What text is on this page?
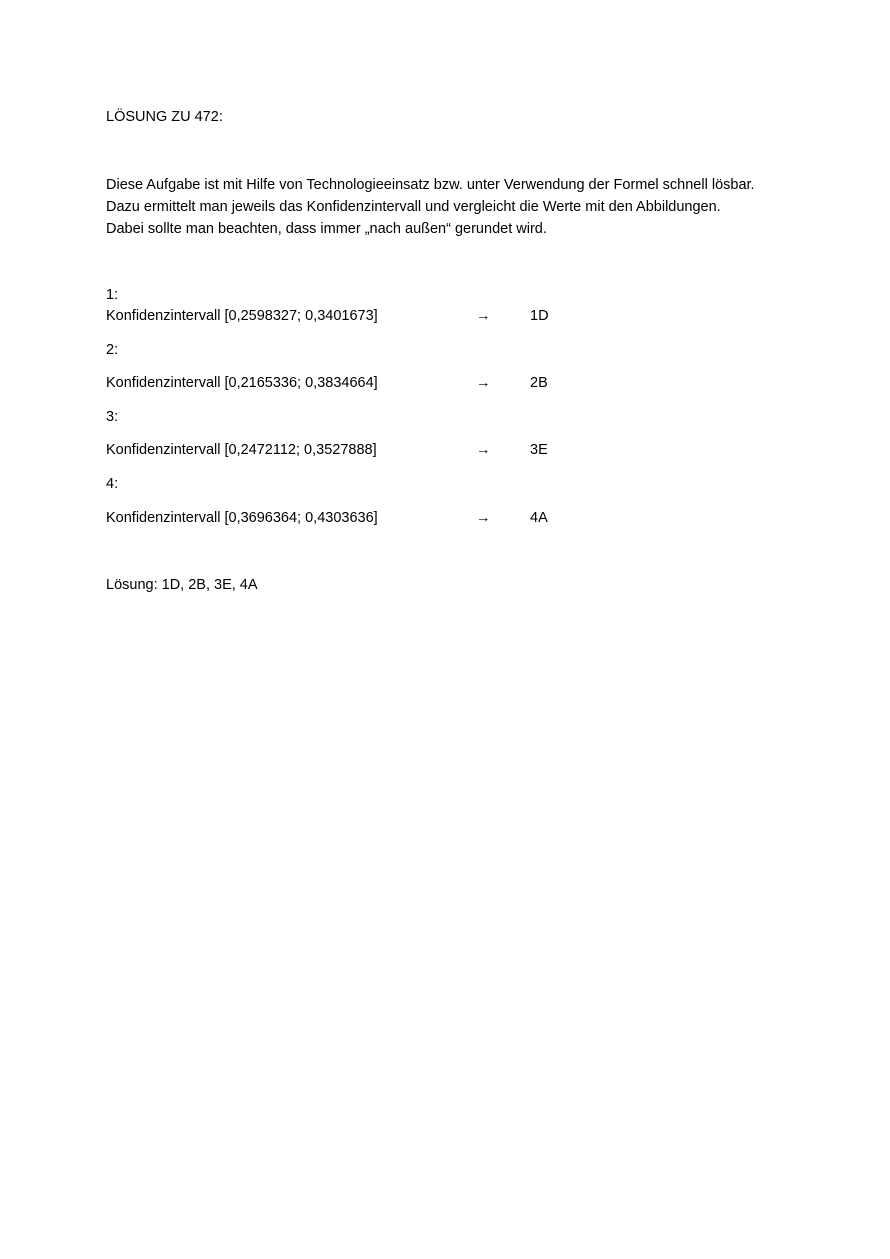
LÖSUNG ZU 472:
Diese Aufgabe ist mit Hilfe von Technologieeinsatz bzw. unter Verwendung der Formel schnell lösbar.
Dazu ermittelt man jeweils das Konfidenzintervall und vergleicht die Werte mit den Abbildungen.
Dabei sollte man beachten, dass immer „nach außen“ gerundet wird.
1:
Konfidenzintervall [0,2598327; 0,3401673]	→	1D
2:
Konfidenzintervall [0,2165336; 0,3834664]	→	2B
3:
Konfidenzintervall [0,2472112; 0,3527888]	→	3E
4:
Konfidenzintervall [0,3696364; 0,4303636]	→	4A
Lösung: 1D, 2B, 3E, 4A
